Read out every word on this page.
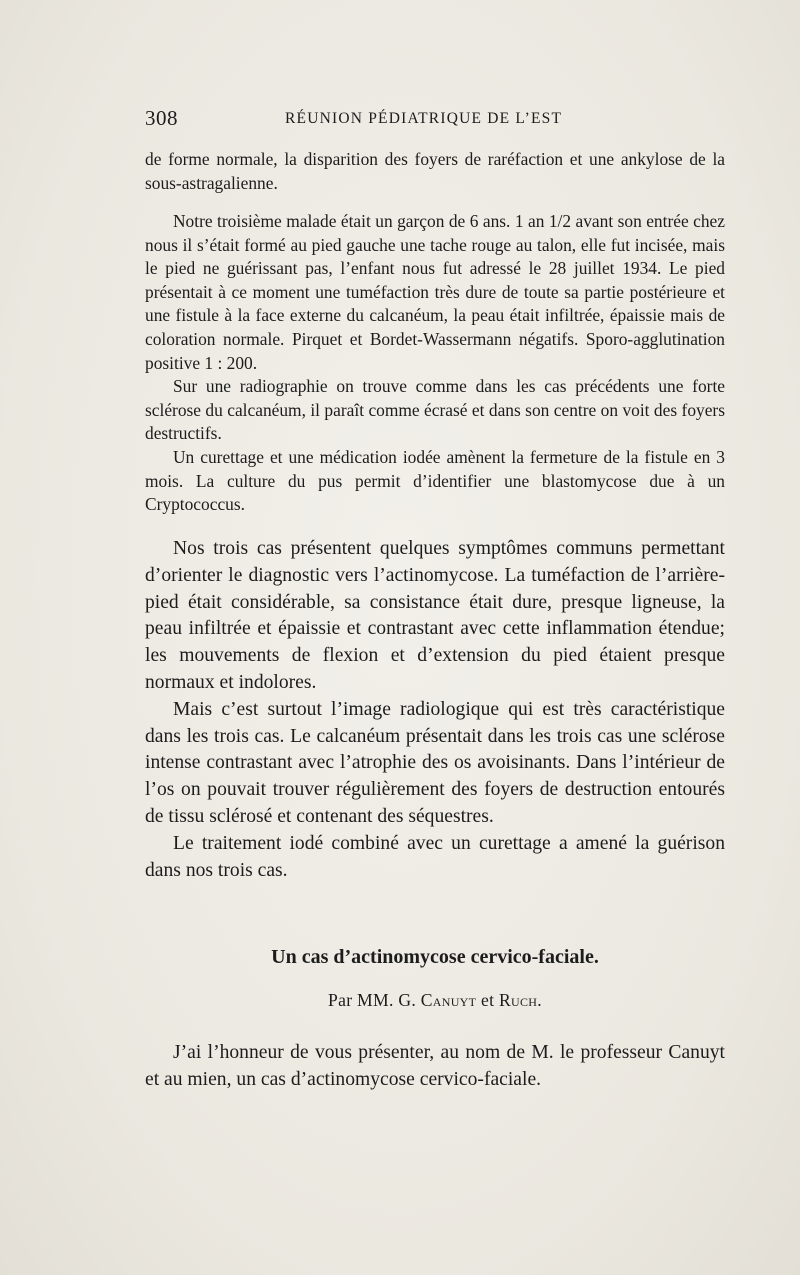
308	RÉUNION PÉDIATRIQUE DE L’EST

de forme normale, la disparition des foyers de raréfaction et une ankylose de la sous-astragalienne.

Notre troisième malade était un garçon de 6 ans. 1 an 1/2 avant son entrée chez nous il s’était formé au pied gauche une tache rouge au talon, elle fut incisée, mais le pied ne guérissant pas, l’enfant nous fut adressé le 28 juillet 1934. Le pied présentait à ce moment une tuméfaction très dure de toute sa partie postérieure et une fistule à la face externe du calcanéum, la peau était infiltrée, épaissie mais de coloration normale. Pirquet et Bordet-Wassermann négatifs. Sporo-agglutination positive 1 : 200.

Sur une radiographie on trouve comme dans les cas précédents une forte sclérose du calcanéum, il paraît comme écrasé et dans son centre on voit des foyers destructifs.

Un curettage et une médication iodée amènent la fermeture de la fistule en 3 mois. La culture du pus permit d’identifier une blastomycose due à un Cryptococcus.

Nos trois cas présentent quelques symptômes communs permettant d’orienter le diagnostic vers l’actinomycose. La tuméfaction de l’arrière-pied était considérable, sa consistance était dure, presque ligneuse, la peau infiltrée et épaissie et contrastant avec cette inflammation étendue; les mouvements de flexion et d’extension du pied étaient presque normaux et indolores.

Mais c’est surtout l’image radiologique qui est très caractéristique dans les trois cas. Le calcanéum présentait dans les trois cas une sclérose intense contrastant avec l’atrophie des os avoisinants. Dans l’intérieur de l’os on pouvait trouver régulièrement des foyers de destruction entourés de tissu sclérosé et contenant des séquestres.

Le traitement iodé combiné avec un curettage a amené la guérison dans nos trois cas.

Un cas d’actinomycose cervico-faciale.
Par MM. G. Canuyt et Ruch.

J’ai l’honneur de vous présenter, au nom de M. le professeur Canuyt et au mien, un cas d’actinomycose cervico-faciale.
